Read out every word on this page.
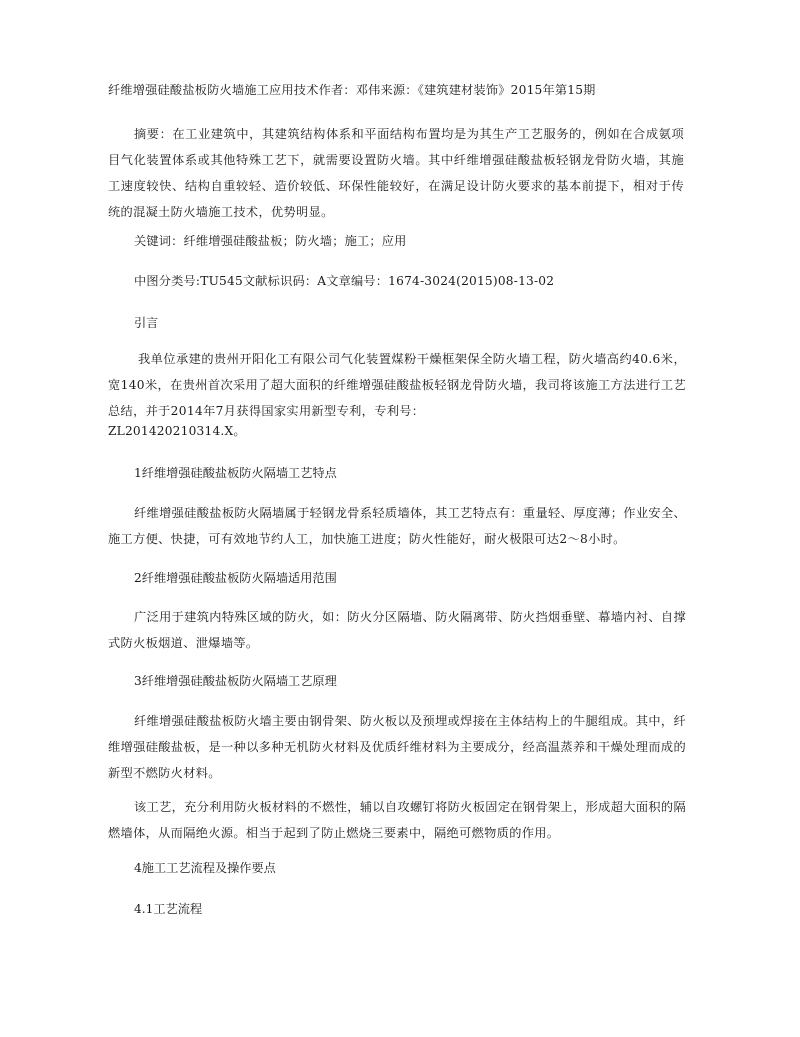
纤维增强硅酸盐板防火墙施工应用技术作者：邓伟来源：《建筑建材装饰》2015年第15期
摘要：在工业建筑中，其建筑结构体系和平面结构布置均是为其生产工艺服务的，例如在合成氨项目气化装置体系或其他特殊工艺下，就需要设置防火墙。其中纤维增强硅酸盐板轻钢龙骨防火墙，其施工速度较快、结构自重较轻、造价较低、环保性能较好，在满足设计防火要求的基本前提下，相对于传统的混凝土防火墙施工技术，优势明显。
关键词：纤维增强硅酸盐板；防火墙；施工；应用
中图分类号:TU545文献标识码：A文章编号：1674-3024(2015)08-13-02
引言
我单位承建的贵州开阳化工有限公司气化装置煤粉干燥框架保全防火墙工程，防火墙高约40.6米，宽140米，在贵州首次采用了超大面积的纤维增强硅酸盐板轻钢龙骨防火墙，我司将该施工方法进行工艺总结，并于2014年7月获得国家实用新型专利，专利号：
ZL201420210314.X。
1纤维增强硅酸盐板防火隔墙工艺特点
纤维增强硅酸盐板防火隔墙属于轻钢龙骨系轻质墙体，其工艺特点有：重量轻、厚度薄；作业安全、施工方便、快捷，可有效地节约人工，加快施工进度；防火性能好，耐火极限可达2～8小时。
2纤维增强硅酸盐板防火隔墙适用范围
广泛用于建筑内特殊区域的防火，如：防火分区隔墙、防火隔离带、防火挡烟垂壁、幕墙内衬、自撑式防火板烟道、泄爆墙等。
3纤维增强硅酸盐板防火隔墙工艺原理
纤维增强硅酸盐板防火墙主要由钢骨架、防火板以及预埋或焊接在主体结构上的牛腿组成。其中，纤维增强硅酸盐板，是一种以多种无机防火材料及优质纤维材料为主要成分，经高温蒸养和干燥处理而成的新型不燃防火材料。
该工艺，充分利用防火板材料的不燃性，辅以自攻螺钉将防火板固定在钢骨架上，形成超大面积的隔燃墙体，从而隔绝火源。相当于起到了防止燃烧三要素中，隔绝可燃物质的作用。
4施工工艺流程及操作要点
4.1工艺流程
